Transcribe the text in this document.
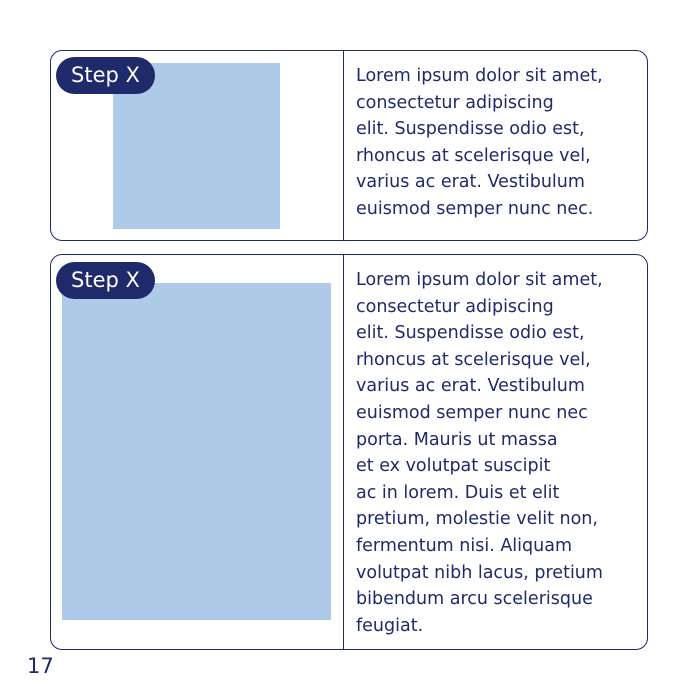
Step X	Lorem ipsum dolor sit amet,
consectetur adipiscing
elit. Suspendisse odio est,
rhoncus at scelerisque vel,
varius ac erat. Vestibulum
euismod semper nunc nec.

Step X	Lorem ipsum dolor sit amet,
consectetur adipiscing
elit. Suspendisse odio est,
rhoncus at scelerisque vel,
varius ac erat. Vestibulum
euismod semper nunc nec
porta. Mauris ut massa
et ex volutpat suscipit
ac in lorem. Duis et elit
pretium, molestie velit non,
fermentum nisi. Aliquam
volutpat nibh lacus, pretium
bibendum arcu scelerisque
feugiat.

17
